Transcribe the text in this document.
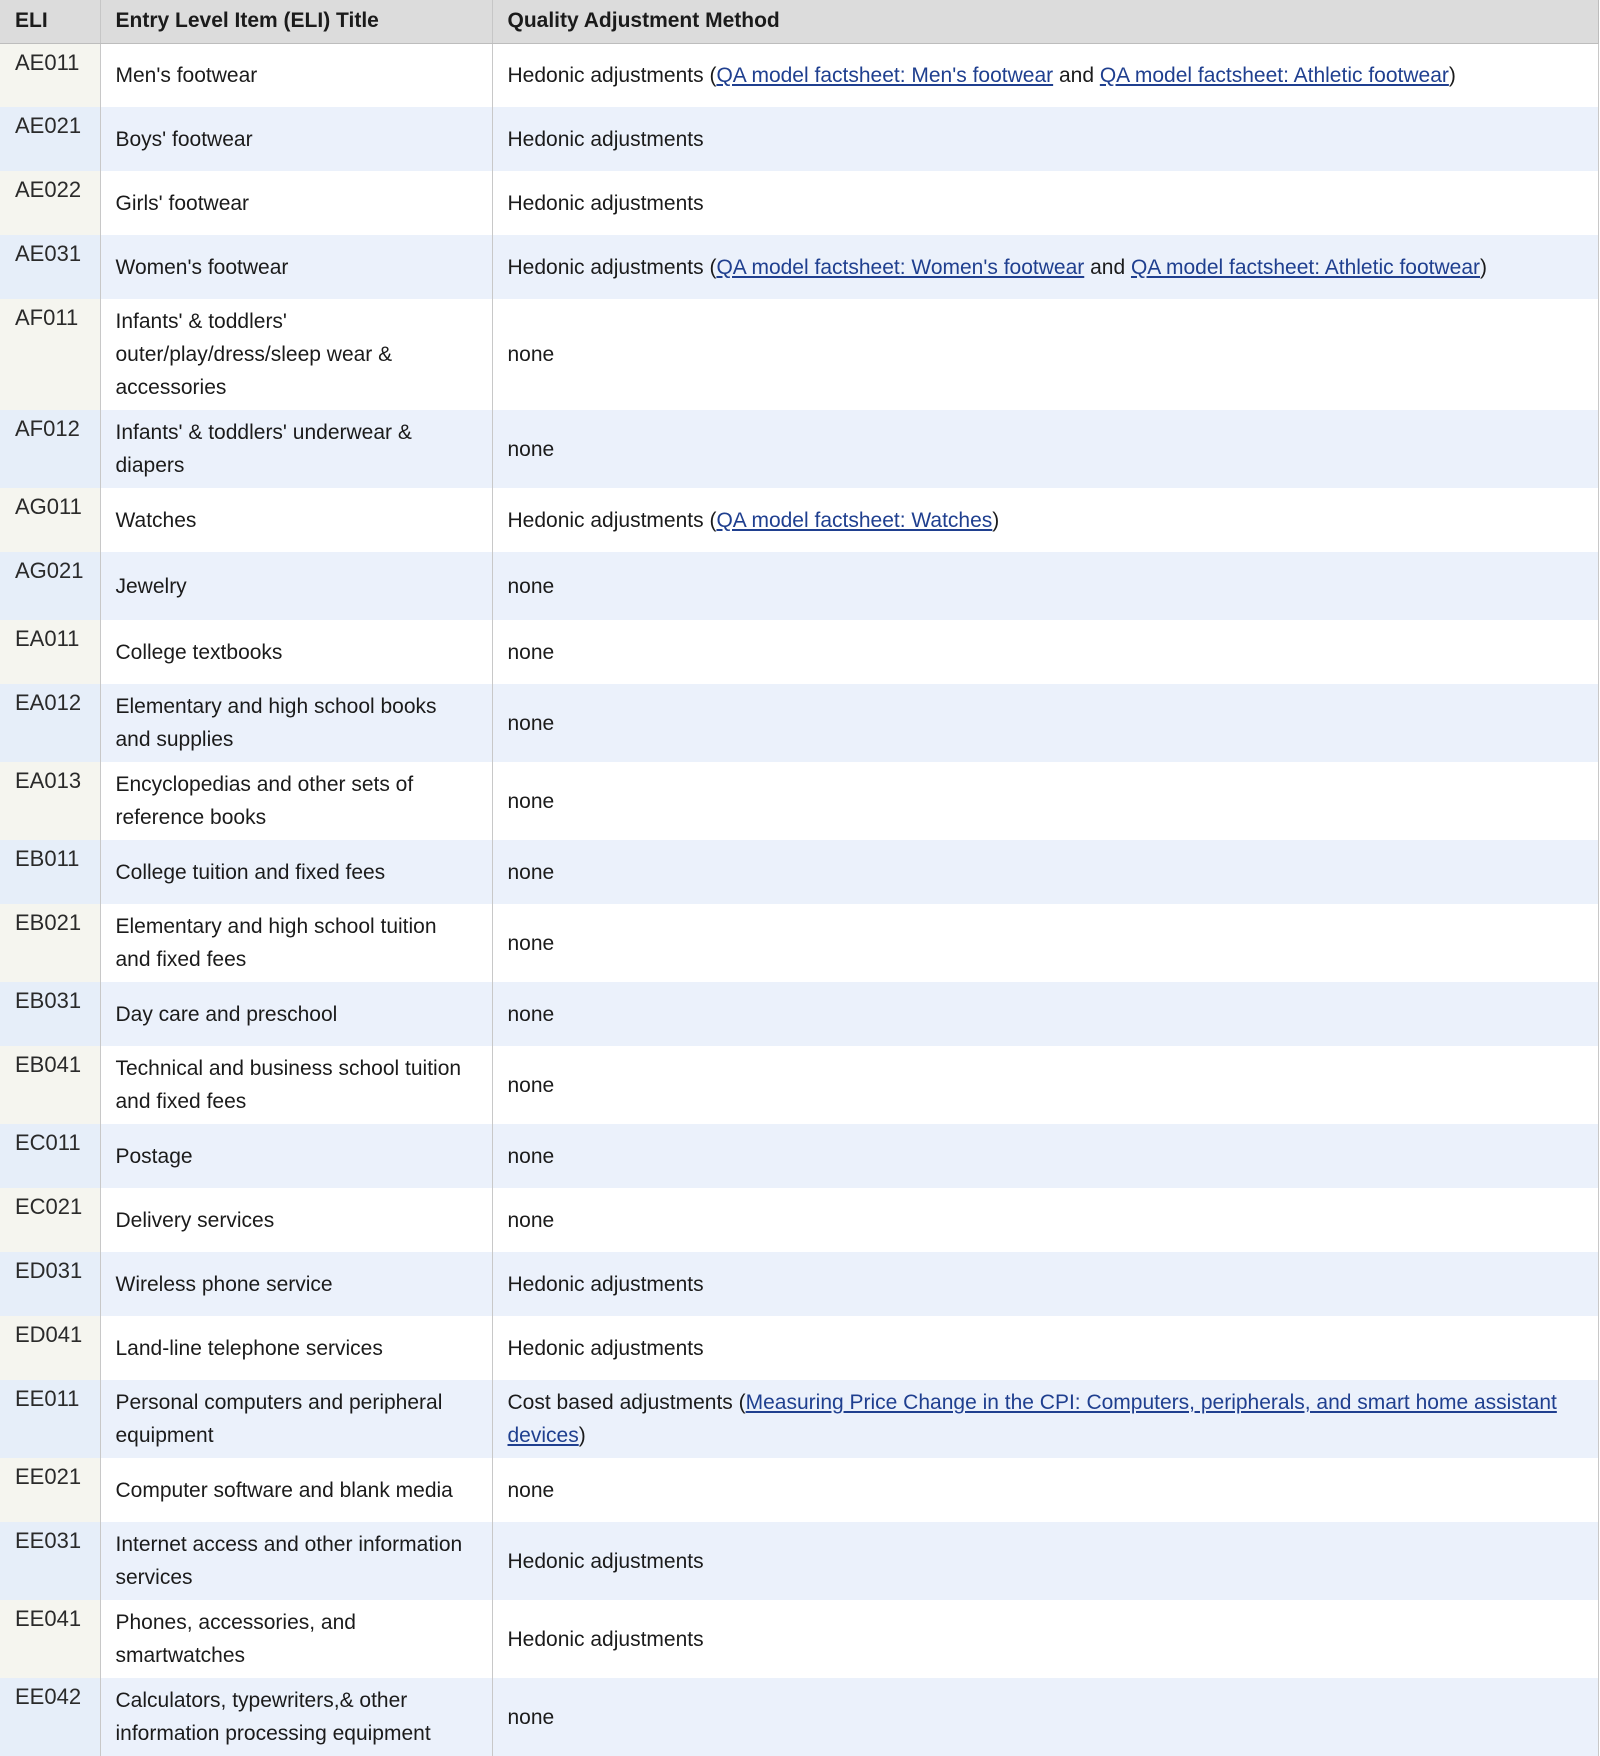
ELI	Entry Level Item (ELI) Title	Quality Adjustment Method
AE011	Men's footwear	Hedonic adjustments (QA model factsheet: Men's footwear and QA model factsheet: Athletic footwear)
AE021	Boys' footwear	Hedonic adjustments
AE022	Girls' footwear	Hedonic adjustments
AE031	Women's footwear	Hedonic adjustments (QA model factsheet: Women's footwear and QA model factsheet: Athletic footwear)
AF011	Infants' & toddlers' outer/play/dress/sleep wear & accessories	none
AF012	Infants' & toddlers' underwear & diapers	none
AG011	Watches	Hedonic adjustments (QA model factsheet: Watches)
AG021	Jewelry	none
EA011	College textbooks	none
EA012	Elementary and high school books and supplies	none
EA013	Encyclopedias and other sets of reference books	none
EB011	College tuition and fixed fees	none
EB021	Elementary and high school tuition and fixed fees	none
EB031	Day care and preschool	none
EB041	Technical and business school tuition and fixed fees	none
EC011	Postage	none
EC021	Delivery services	none
ED031	Wireless phone service	Hedonic adjustments
ED041	Land-line telephone services	Hedonic adjustments
EE011	Personal computers and peripheral equipment	Cost based adjustments (Measuring Price Change in the CPI: Computers, peripherals, and smart home assistant devices)
EE021	Computer software and blank media	none
EE031	Internet access and other information services	Hedonic adjustments
EE041	Phones, accessories, and smartwatches	Hedonic adjustments
EE042	Calculators, typewriters,& other information processing equipment	none
